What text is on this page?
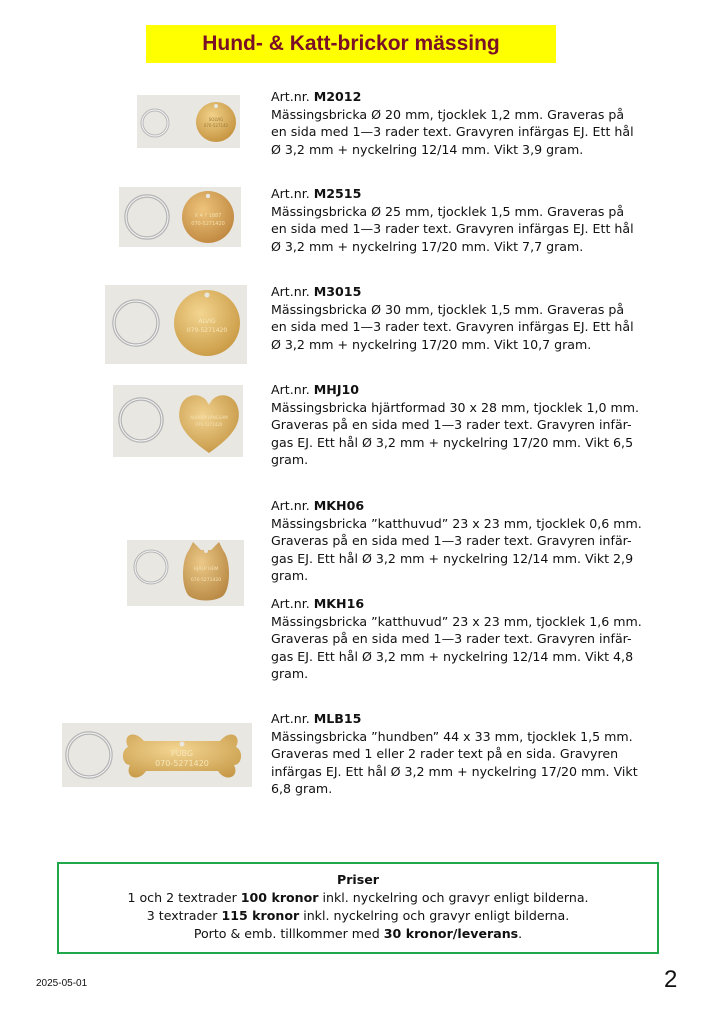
Hund- & Katt-brickor mässing
SOLVIG
070-527142
X 4 ? 1887
070-5271420
ALVIG
070-5271420
ALVHEM LÅNGSAM
070-5271420
HJÄLP HEM
070-5271420
PUBG
070-5271420
Art.nr. M2012
Mässingsbricka Ø 20 mm, tjocklek 1,2 mm. Graveras på
en sida med 1—3 rader text. Gravyren infärgas EJ. Ett hål
Ø 3,2 mm + nyckelring 12/14 mm. Vikt 3,9 gram.
Art.nr. M2515
Mässingsbricka Ø 25 mm, tjocklek 1,5 mm. Graveras på
en sida med 1—3 rader text. Gravyren infärgas EJ. Ett hål
Ø 3,2 mm + nyckelring 17/20 mm. Vikt 7,7 gram.
Art.nr. M3015
Mässingsbricka Ø 30 mm, tjocklek 1,5 mm. Graveras på
en sida med 1—3 rader text. Gravyren infärgas EJ. Ett hål
Ø 3,2 mm + nyckelring 17/20 mm. Vikt 10,7 gram.
Art.nr. MHJ10
Mässingsbricka hjärtformad 30 x 28 mm, tjocklek 1,0 mm.
Graveras på en sida med 1—3 rader text. Gravyren infär-
gas EJ. Ett hål Ø 3,2 mm + nyckelring 17/20 mm. Vikt 6,5
gram.
Art.nr. MKH06
Mässingsbricka ”katthuvud” 23 x 23 mm, tjocklek 0,6 mm.
Graveras på en sida med 1—3 rader text. Gravyren infär-
gas EJ. Ett hål Ø 3,2 mm + nyckelring 12/14 mm. Vikt 2,9
gram.
Art.nr. MKH16
Mässingsbricka ”katthuvud” 23 x 23 mm, tjocklek 1,6 mm.
Graveras på en sida med 1—3 rader text. Gravyren infär-
gas EJ. Ett hål Ø 3,2 mm + nyckelring 12/14 mm. Vikt 4,8
gram.
Art.nr. MLB15
Mässingsbricka ”hundben” 44 x 33 mm, tjocklek 1,5 mm.
Graveras med 1 eller 2 rader text på en sida. Gravyren
infärgas EJ. Ett hål Ø 3,2 mm + nyckelring 17/20 mm. Vikt
6,8 gram.
Priser
1 och 2 textrader 100 kronor inkl. nyckelring och gravyr enligt bilderna.
3 textrader 115 kronor inkl. nyckelring och gravyr enligt bilderna.
Porto & emb. tillkommer med 30 kronor/leverans.
2025-05-01	2
